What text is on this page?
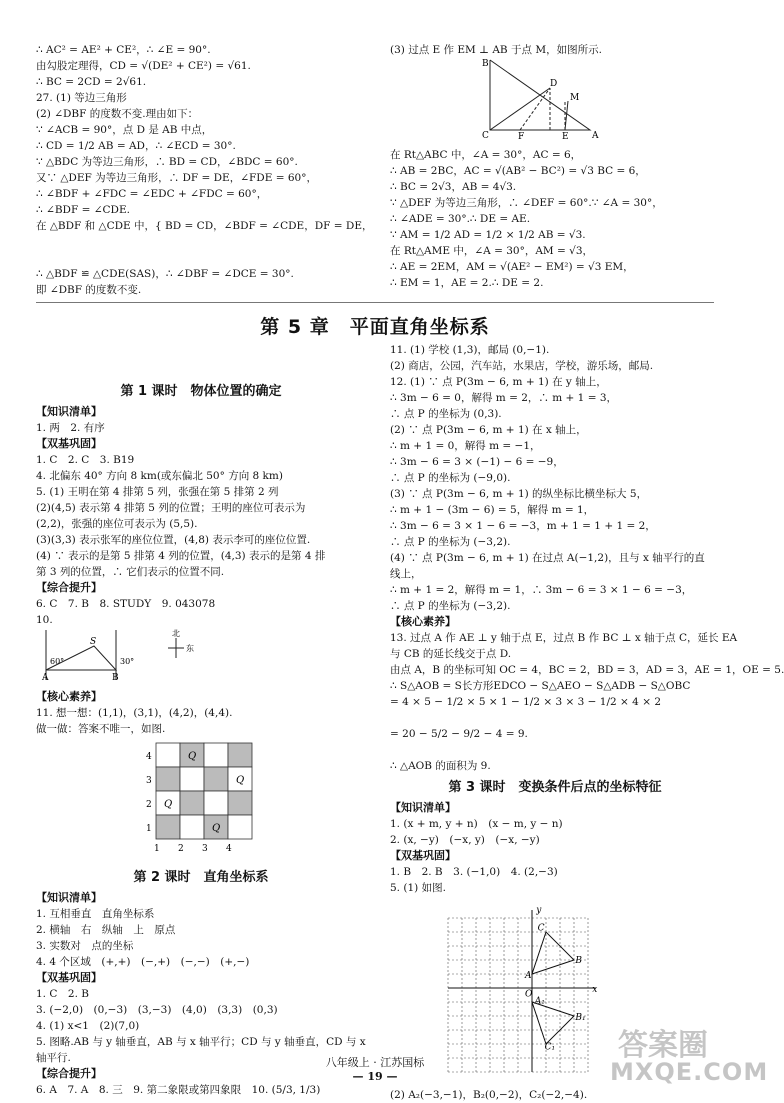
∴ AC² = AE² + CE²，∴ ∠E = 90°.
由勾股定理得，CD = √(DE² + CE²) = √61.
∴ BC = 2CD = 2√61.
27. (1) 等边三角形
(2) ∠DBF 的度数不变.理由如下：
∵ ∠ACB = 90°，点 D 是 AB 中点，
∴ CD = 1/2 AB = AD，∴ ∠ECD = 30°.
∵ △BDC 为等边三角形，∴ BD = CD，∠BDC = 60°.
又∵ △DEF 为等边三角形，∴ DF = DE，∠FDE = 60°，
∴ ∠BDF + ∠FDC = ∠EDC + ∠FDC = 60°，
∴ ∠BDF = ∠CDE.
在 △BDF 和 △CDE 中，{ BD = CD，∠BDF = ∠CDE，DF = DE，

∴ △BDF ≌ △CDE(SAS)，∴ ∠DBF = ∠DCE = 30°.
即 ∠DBF 的度数不变.
(3) 过点 E 作 EM ⊥ AB 于点 M，如图所示.
B
C	F
D
E
M
A
在 Rt△ABC 中，∠A = 30°，AC = 6，
∴ AB = 2BC，AC = √(AB² − BC²) = √3 BC = 6，
∴ BC = 2√3，AB = 4√3.
∵ △DEF 为等边三角形，∴ ∠DEF = 60°.∵ ∠A = 30°，
∴ ∠ADE = 30°.∴ DE = AE.
∵ AM = 1/2 AD = 1/2 × 1/2 AB = √3.
在 Rt△AME 中，∠A = 30°，AM = √3，
∴ AE = 2EM，AM = √(AE² − EM²) = √3 EM，
∴ EM = 1，AE = 2.∴ DE = 2.
第 5 章　平面直角坐标系
第 1 课时　物体位置的确定
【知识清单】
1. 两　2. 有序
【双基巩固】
1. C　2. C　3. B19
4. 北偏东 40° 方向 8 km(或东偏北 50° 方向 8 km)
5. (1) 王明在第 4 排第 5 列，张强在第 5 排第 2 列
(2)(4,5) 表示第 4 排第 5 列的位置；王明的座位可表示为
(2,2)，张强的座位可表示为 (5,5).
(3)(3,3) 表示张军的座位位置，(4,8) 表示李可的座位位置.
(4) ∵ 表示的是第 5 排第 4 列的位置，(4,3) 表示的是第 4 排
第 3 列的位置，∴ 它们表示的位置不同.
【综合提升】
6. C　7. B　8. STUDY　9. 043078
10.
S
60°	30°
A	B
北
东
【核心素养】
11. 想一想：(1,1)，(3,1)，(4,2)，(4,4).
做一做：答案不唯一，如图.
4
3
2
1
1 2 3 4
Q
Q
Q
Q
第 2 课时　直角坐标系
【知识清单】
1. 互相垂直　直角坐标系
2. 横轴　右　纵轴　上　原点
3. 实数对　点的坐标
4. 4 个区域　(+,+)　(−,+)　(−,−)　(+,−)
【双基巩固】
1. C　2. B
3. (−2,0)　(0,−3)　(3,−3)　(4,0)　(3,3)　(0,3)
4. (1) x<1　(2)(7,0)
5. 图略.AB 与 y 轴垂直，AB 与 x 轴平行；CD 与 y 轴垂直，CD 与 x
轴平行.
【综合提升】
6. A　7. A　8. 三　9. 第二象限或第四象限　10. (5/3, 1/3)
11. (1) 学校 (1,3)，邮局 (0,−1).
(2) 商店，公园，汽车站，水果店，学校，游乐场，邮局.
12. (1) ∵ 点 P(3m − 6, m + 1) 在 y 轴上，
∴ 3m − 6 = 0，解得 m = 2，∴ m + 1 = 3，
∴ 点 P 的坐标为 (0,3).
(2) ∵ 点 P(3m − 6, m + 1) 在 x 轴上，
∴ m + 1 = 0，解得 m = −1，
∴ 3m − 6 = 3 × (−1) − 6 = −9，
∴ 点 P 的坐标为 (−9,0).
(3) ∵ 点 P(3m − 6, m + 1) 的纵坐标比横坐标大 5，
∴ m + 1 − (3m − 6) = 5，解得 m = 1，
∴ 3m − 6 = 3 × 1 − 6 = −3，m + 1 = 1 + 1 = 2，
∴ 点 P 的坐标为 (−3,2).
(4) ∵ 点 P(3m − 6, m + 1) 在过点 A(−1,2)，且与 x 轴平行的直
线上，
∴ m + 1 = 2，解得 m = 1，∴ 3m − 6 = 3 × 1 − 6 = −3，
∴ 点 P 的坐标为 (−3,2).
【核心素养】
13. 过点 A 作 AE ⊥ y 轴于点 E，过点 B 作 BC ⊥ x 轴于点 C，延长 EA
与 CB 的延长线交于点 D.
由点 A，B 的坐标可知 OC = 4，BC = 2，BD = 3，AD = 3，AE = 1，OE = 5.
∴ S△AOB = S长方形EDCO − S△AEO − S△ADB − S△OBC
= 4 × 5 − 1/2 × 5 × 1 − 1/2 × 3 × 3 − 1/2 × 4 × 2

= 20 − 5/2 − 9/2 − 4 = 9.

∴ △AOB 的面积为 9.
第 3 课时　变换条件后点的坐标特征
【知识清单】
1. (x + m, y + n)　(x − m, y − n)
2. (x, −y)　(−x, y)　(−x, −y)
【双基巩固】
1. B　2. B　3. (−1,0)　4. (2,−3)
5. (1) 如图.
y
x
O
A
B
C
A₁
B₁
C₁
(2) A₂(−3,−1)，B₂(0,−2)，C₂(−2,−4).
八年级上 · 江苏国标
— 19 —
答案圈
MXQE.COM
